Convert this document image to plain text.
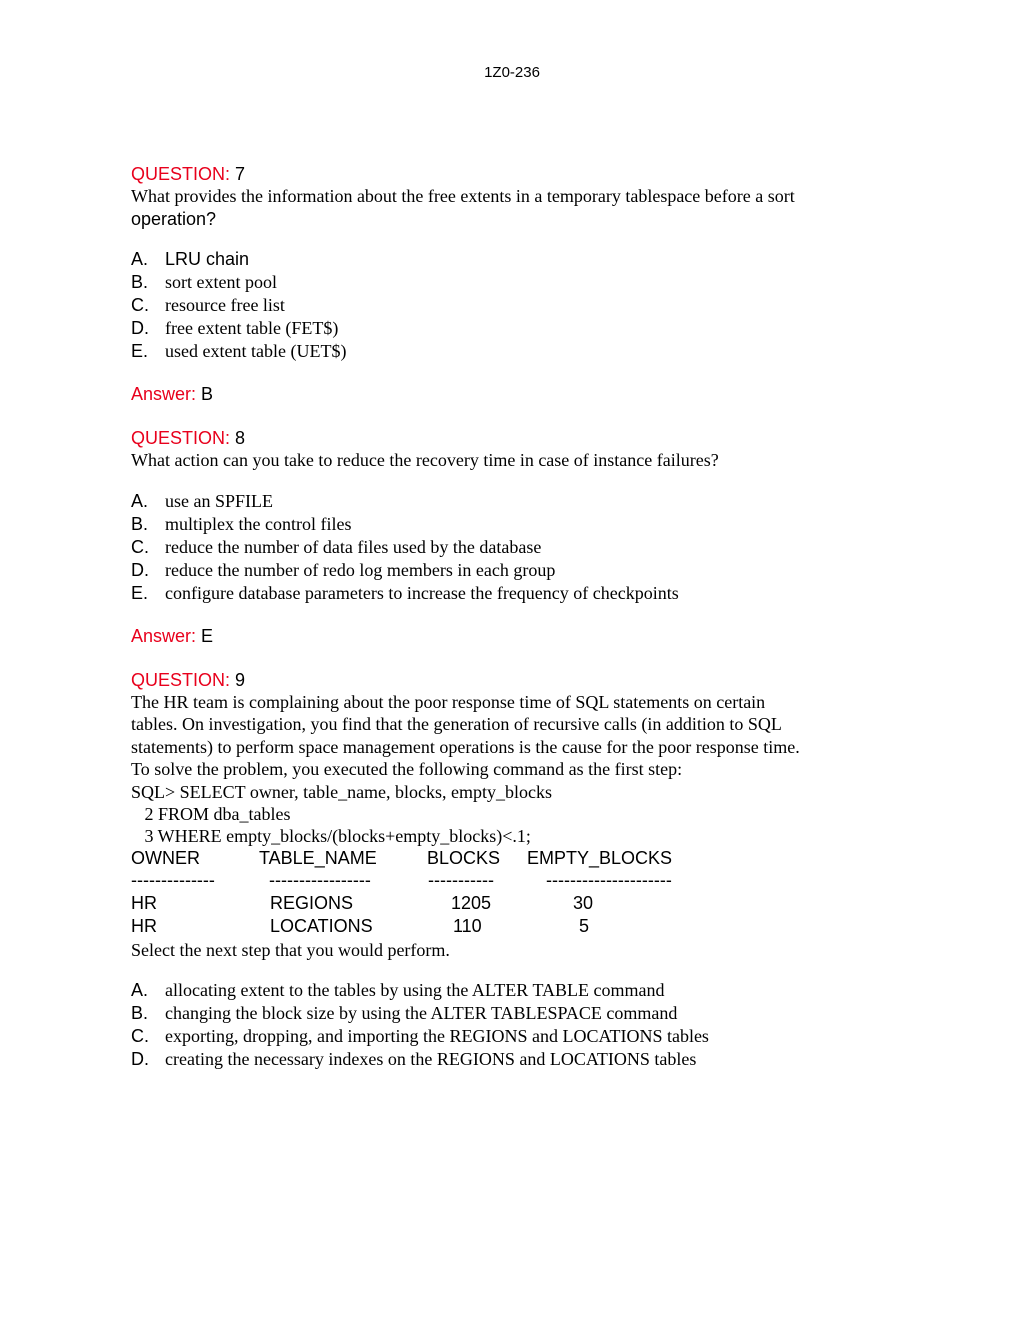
1Z0-236
QUESTION: 7
What provides the information about the free extents in a temporary tablespace before a sort
operation?
A. LRU chain
B. sort extent pool
C. resource free list
D. free extent table (FET$)
E. used extent table (UET$)
Answer: B
QUESTION: 8
What action can you take to reduce the recovery time in case of instance failures?
A. use an SPFILE
B. multiplex the control files
C. reduce the number of data files used by the database
D. reduce the number of redo log members in each group
E. configure database parameters to increase the frequency of checkpoints
Answer: E
QUESTION: 9
The HR team is complaining about the poor response time of SQL statements on certain
tables. On investigation, you find that the generation of recursive calls (in addition to SQL
statements) to perform space management operations is the cause for the poor response time.
To solve the problem, you executed the following command as the first step:
SQL> SELECT owner, table_name, blocks, empty_blocks
2 FROM dba_tables
3 WHERE empty_blocks/(blocks+empty_blocks)<.1;
OWNER	TABLE_NAME	BLOCKS EMPTY_BLOCKS
--------------	-----------------	-----------	---------------------
HR	REGIONS	1205	30
HR	LOCATIONS	110	5
Select the next step that you would perform.
A. allocating extent to the tables by using the ALTER TABLE command
B. changing the block size by using the ALTER TABLESPACE command
C. exporting, dropping, and importing the REGIONS and LOCATIONS tables
D. creating the necessary indexes on the REGIONS and LOCATIONS tables
